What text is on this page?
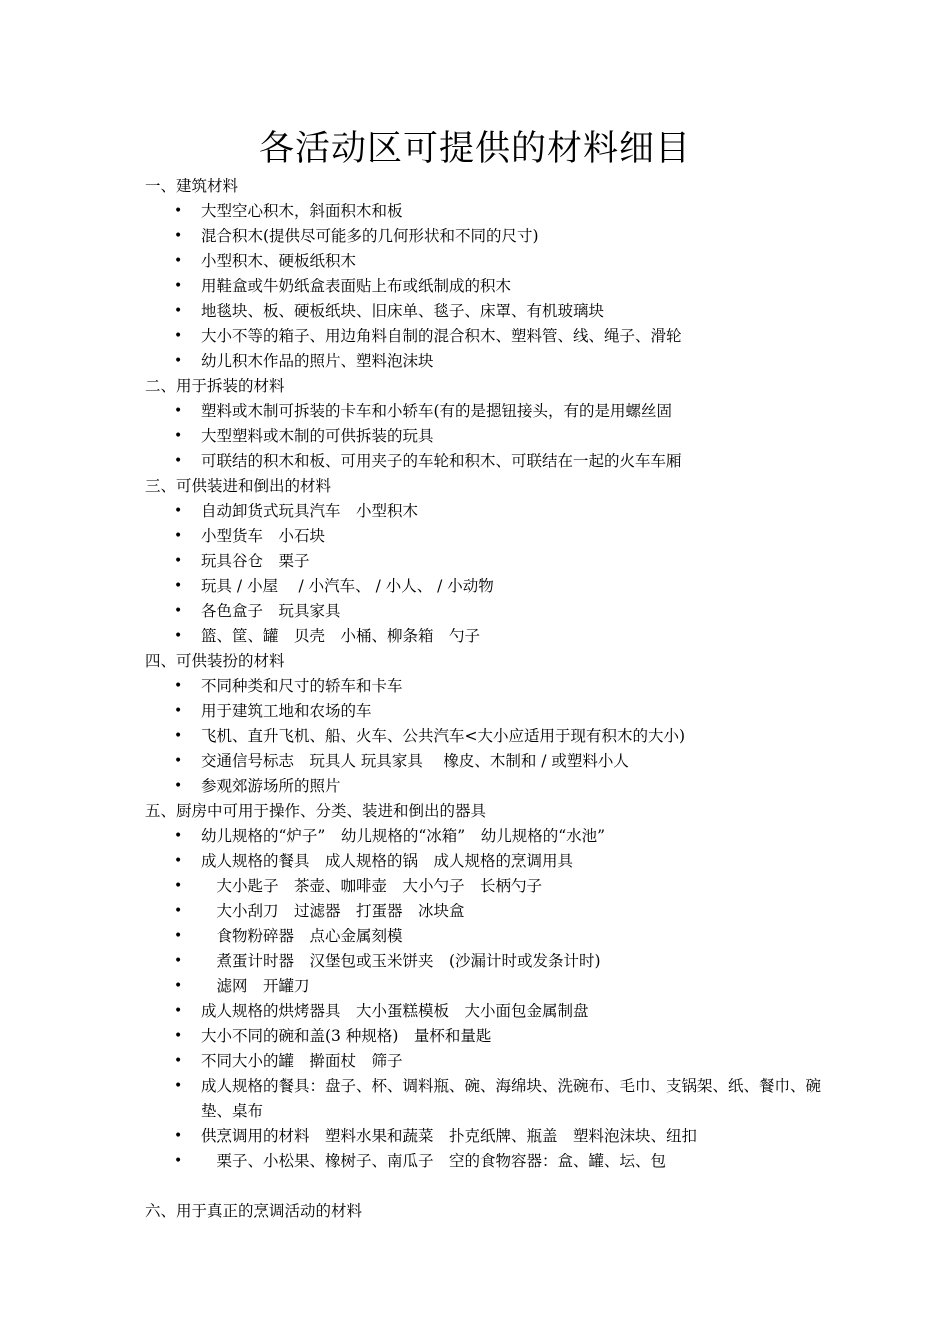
各活动区可提供的材料细目
一、建筑材料
• 大型空心积木，斜面积木和板
• 混合积木(提供尽可能多的几何形状和不同的尺寸)
• 小型积木、硬板纸积木
• 用鞋盒或牛奶纸盒表面贴上布或纸制成的积木
• 地毯块、板、硬板纸块、旧床单、毯子、床罩、有机玻璃块
• 大小不等的箱子、用边角料自制的混合积木、塑料管、线、绳子、滑轮
• 幼儿积木作品的照片、塑料泡沫块
二、用于拆装的材料
• 塑料或木制可拆装的卡车和小轿车(有的是摁钮接头，有的是用螺丝固
• 大型塑料或木制的可供拆装的玩具
• 可联结的积木和板、可用夹子的车轮和积木、可联结在一起的火车车厢
三、可供装进和倒出的材料
• 自动卸货式玩具汽车　小型积木
• 小型货车　小石块
• 玩具谷仓　栗子
• 玩具 / 小屋　 / 小汽车、 / 小人、 / 小动物
• 各色盒子　玩具家具
• 篮、筐、罐　贝壳　小桶、柳条箱　勺子
四、可供装扮的材料
• 不同种类和尺寸的轿车和卡车
• 用于建筑工地和农场的车
• 飞机、直升飞机、船、火车、公共汽车<大小应适用于现有积木的大小)
• 交通信号标志　玩具人 玩具家具　 橡皮、木制和 / 或塑料小人
• 参观郊游场所的照片
五、厨房中可用于操作、分类、装进和倒出的器具
• 幼儿规格的“炉子”　幼儿规格的“冰箱”　幼儿规格的“水池”
• 成人规格的餐具　成人规格的锅　成人规格的烹调用具
• 　大小匙子　茶壶、咖啡壶　大小勺子　长柄勺子
• 　大小刮刀　过滤器　打蛋器　冰块盒
• 　食物粉碎器　点心金属刻模
• 　煮蛋计时器　汉堡包或玉米饼夹　(沙漏计时或发条计时)
• 　滤网　开罐刀
• 成人规格的烘烤器具　大小蛋糕模板　大小面包金属制盘
• 大小不同的碗和盖(3 种规格)　量杯和量匙
• 不同大小的罐　擀面杖　筛子
• 成人规格的餐具：盘子、杯、调料瓶、碗、海绵块、洗碗布、毛巾、支锅架、纸、餐巾、碗垫、桌布
• 供烹调用的材料　塑料水果和蔬菜　扑克纸牌、瓶盖　塑料泡沫块、纽扣
• 　栗子、小松果、橡树子、南瓜子　空的食物容器：盒、罐、坛、包
六、用于真正的烹调活动的材料
